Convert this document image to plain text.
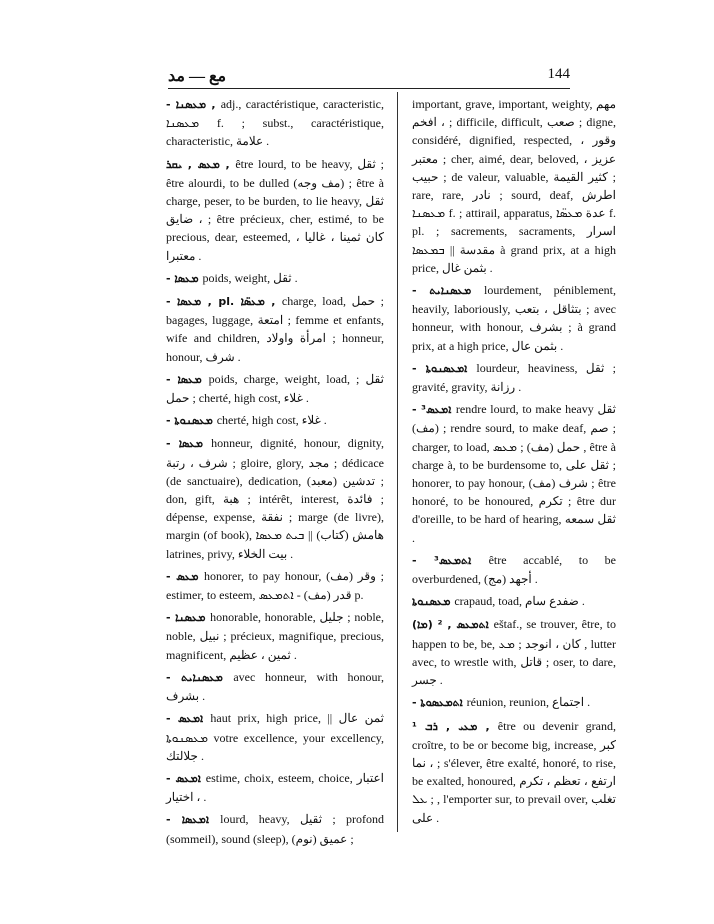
مع — مد	144
- ܡܥܣܢܐ , adj., caractéristique, caracteristic, ܡܥܣܢܐ f. ; subst., caractéristique, characteristic, علامة .
ܡܥܣ , ܝܩܪ , être lourd, to be heavy, ثقل ; être alourdi, to be dulled (مف وجه) ; être à charge, peser, to be burden, to lie heavy, ثقل ، ضايق ; être précieux, cher, estimé, to be precious, dear, esteemed, كان ثمينا ، غاليا ، معتبرا .
- ܡܥܣܐ poids, weight, ثقل .
- ܡܥܣܐ , pl. ܡܥܣ̈ܐ , charge, load, حمل ; bagages, luggage, امتعة ; femme et enfants, wife and children, امرأة واولاد ; honneur, honour, شرف .
- ܡܥܣܐ poids, charge, weight, load, ثقل ; حمل ; cherté, high cost, غلاء .
- ܡܥܣܢܘܬܐ cherté, high cost, غلاء .
- ܡܥܣܐ honneur, dignité, honour, dignity, شرف ، رتبة ; gloire, glory, مجد ; dédicace (de sanctuaire), dedication, تدشين (معبد) ; don, gift, هبة ; intérêt, interest, فائدة ; dépense, expense, نفقة ; marge (de livre), margin (of book), هامش (كتاب) || ܒܝܬ ܡܥܣܐ latrines, privy, بيت الخلاء .
- ܡܥܣ honorer, to pay honour, وقر (مف) ; estimer, to esteem, قدر (مف) - ܐܬܡܥܣ p.
- ܡܥܣܢܐ honorable, honorable, جليل ; noble, noble, نبيل ; précieux, magnifique, precious, magnificent, ثمين ، عظيم .
- ܡܥܣܢܐܝܬ avec honneur, with honour, بشرف .
- ܐܡܥܣ haut prix, high price, ثمن عال || ܡܥܣܢܘܬܐ votre excellence, your excellency, جلالتك .
- ܐܡܥܣ estime, choix, esteem, choice, اعتبار ، اختيار .
- ܐܡܥܣܐ lourd, heavy, ثقيل ; profond (sommeil), sound (sleep), عميق (نوم) ;
important, grave, important, weighty, مهم ، افخم ; difficile, difficult, صعب ; digne, considéré, dignified, respected, وقور ، معتبر ; cher, aimé, dear, beloved, عزيز ، حبيب ; de valeur, valuable, كثير القيمة ; rare, rare, نادر ; sourd, deaf, اطرش ܡܥܣܢܐ f. ; attirail, apparatus, عدة ܡܥܣ̈ܐ f. pl. ; sacrements, sacraments, اسرار مقدسة || ܒܡܥܣܐ à grand prix, at a high price, بثمن غال .
- ܡܥܣܢܐܝܬ lourdement, péniblement, heavily, laboriously, بتثاقل ، بتعب ; avec honneur, with honour, بشرف ; à grand prix, at a high price, بثمن عال .
- ܐܡܥܣܢܘܬܐ lourdeur, heaviness, ثقل ; gravité, gravity, رزانة .
- ³ܐܡܥܣ rendre lourd, to make heavy ثقل (مف) ; rendre sourd, to make deaf, صم ; charger, to load, حمل (مف) ; ܡܥܣ , être à charge à, to be burdensome to, ثقل على ; honorer, to pay honour, شرف (مف) ; être honoré, to be honoured, تكرم ; être dur d'oreille, to be hard of hearing, ثقل سمعه .
- ³ܐܬܡܥܣ être accablé, to be overburdened, أجهد (مج) .
ܡܥܣܢܘܬܐ crapaud, toad, ضفدع سام .
(ܡܐ) ܐܬܡܥܣ , ² eštaf., se trouver, être, to happen to be, be, كان ، انوجد ; ܡܥ , lutter avec, to wrestle with, قاتل ; oser, to dare, جسر .
- ܐܬܡܥܣܘܬܐ réunion, reunion, اجتماع .
¹ ܡܥܝ , ܪܒ , être ou devenir grand, croître, to be or become big, increase, كبر ، نما ; s'élever, être exalté, honoré, to rise, be exalted, honoured, ارتفع ، تعظم ، تكرم ; ܥܠ , l'emporter sur, to prevail over, تغلب على .
